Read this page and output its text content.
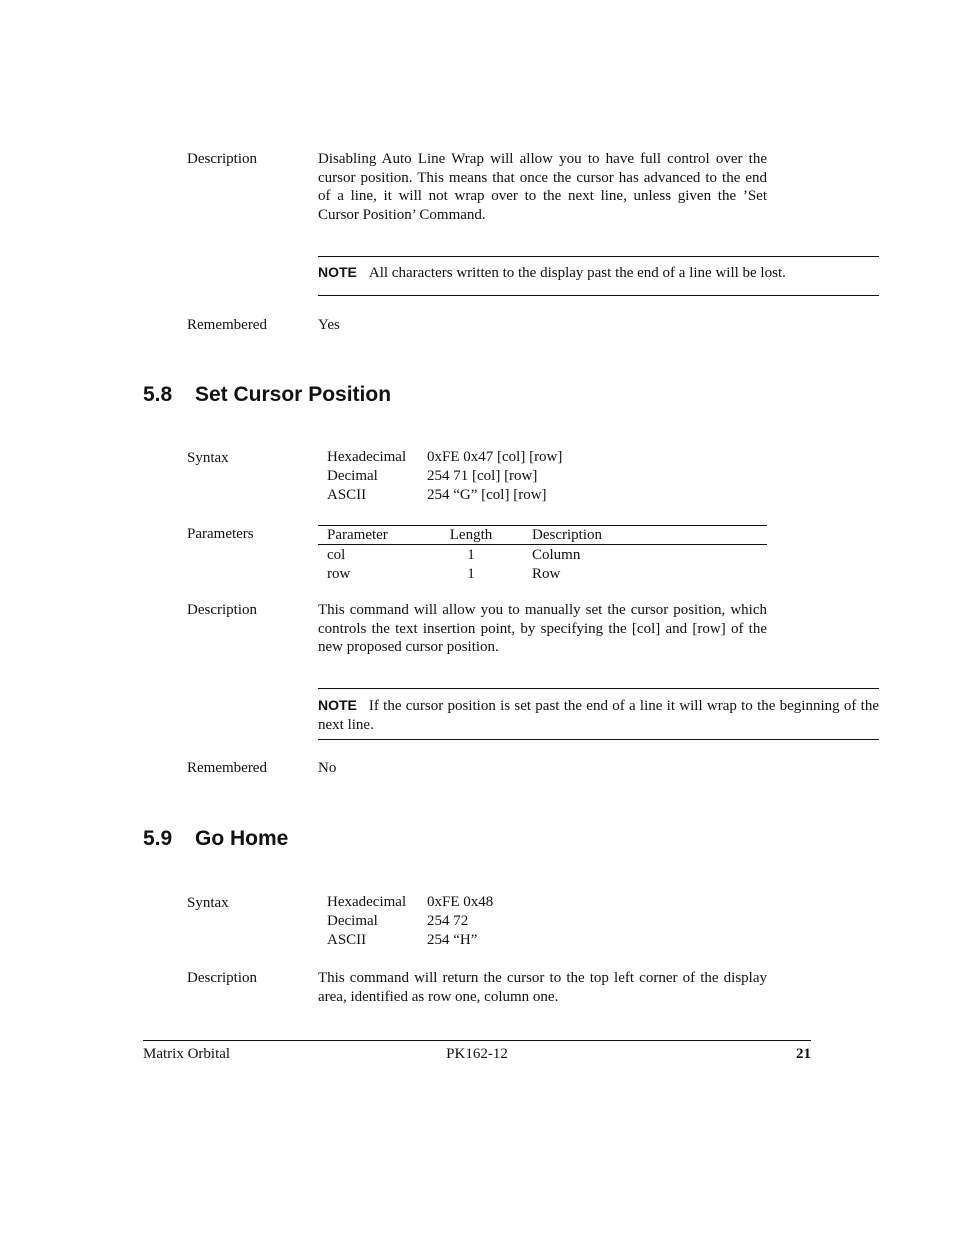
Description	Disabling Auto Line Wrap will allow you to have full control over the cursor position. This means that once the cursor has advanced to the end of a line, it will not wrap over to the next line, unless given the ’Set Cursor Position’ Command.
NOTE All characters written to the display past the end of a line will be lost.
Remembered	Yes
5.8 Set Cursor Position
Syntax	Hexadecimal 0xFE 0x47 [col] [row]
Decimal	254 71 [col] [row]
ASCII	254 “G” [col] [row]
Parameters	Parameter	Length	Description
col	1	Column
row	1	Row
Description	This command will allow you to manually set the cursor position, which controls the text insertion point, by specifying the [col] and [row] of the new proposed cursor position.
NOTE If the cursor position is set past the end of a line it will wrap to the beginning of the next line.
Remembered	No
5.9 Go Home
Syntax	Hexadecimal 0xFE 0x48
Decimal	254 72
ASCII	254 “H”
Description	This command will return the cursor to the top left corner of the display area, identified as row one, column one.
Matrix Orbital	PK162-12	21
